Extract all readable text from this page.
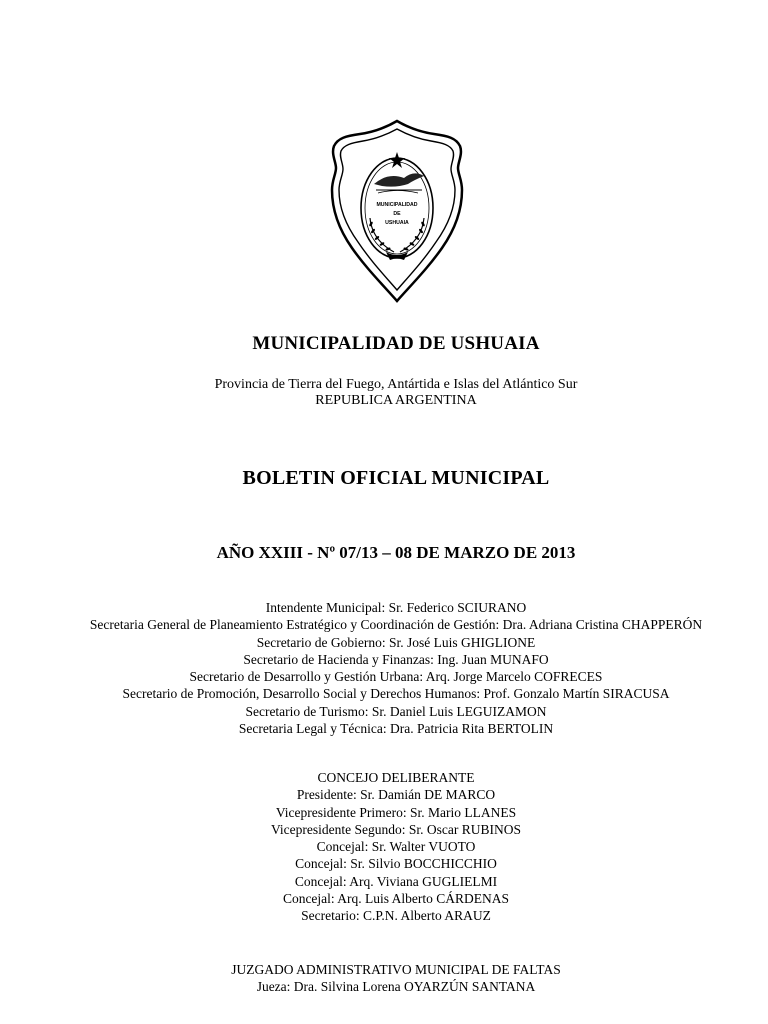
MUNICIPALIDAD
DE
USHUAIA
MUNICIPALIDAD DE USHUAIA
Provincia de Tierra del Fuego, Antártida e Islas del Atlántico Sur
REPUBLICA ARGENTINA
BOLETIN OFICIAL MUNICIPAL
AÑO XXIII - Nº 07/13 – 08 DE MARZO DE 2013
Intendente Municipal: Sr. Federico SCIURANO
Secretaria General de Planeamiento Estratégico y Coordinación de Gestión: Dra. Adriana Cristina CHAPPERÓN
Secretario de Gobierno: Sr. José Luis GHIGLIONE
Secretario de Hacienda y Finanzas: Ing. Juan MUNAFO
Secretario de Desarrollo y Gestión Urbana: Arq. Jorge Marcelo COFRECES
Secretario de Promoción, Desarrollo Social y Derechos Humanos: Prof. Gonzalo Martín SIRACUSA
Secretario de Turismo: Sr. Daniel Luis LEGUIZAMON
Secretaria Legal y Técnica: Dra. Patricia Rita BERTOLIN
CONCEJO DELIBERANTE
Presidente: Sr. Damián DE MARCO
Vicepresidente Primero: Sr. Mario LLANES
Vicepresidente Segundo: Sr. Oscar RUBINOS
Concejal: Sr. Walter VUOTO
Concejal: Sr. Silvio BOCCHICCHIO
Concejal: Arq. Viviana GUGLIELMI
Concejal: Arq. Luis Alberto CÁRDENAS
Secretario: C.P.N. Alberto ARAUZ
JUZGADO ADMINISTRATIVO MUNICIPAL DE FALTAS
Jueza: Dra. Silvina Lorena OYARZÚN SANTANA
